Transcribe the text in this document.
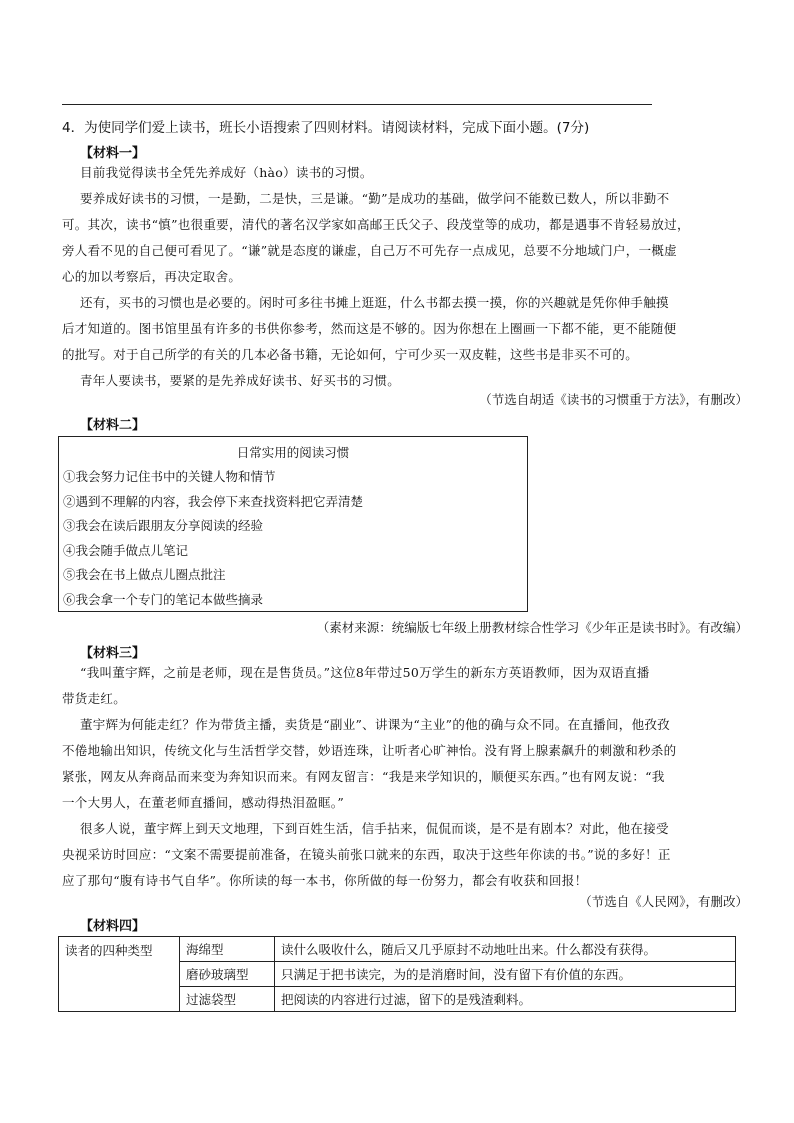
4．为使同学们爱上读书，班长小语搜索了四则材料。请阅读材料，完成下面小题。(7分)
【材料一】
目前我觉得读书全凭先养成好（hào）读书的习惯。
要养成好读书的习惯，一是勤，二是快，三是谦。“勤”是成功的基础，做学问不能数已数人，所以非勤不
可。其次，读书“慎”也很重要，清代的著名汉学家如高邮王氏父子、段茂堂等的成功，都是遇事不肯轻易放过，
旁人看不见的自己便可看见了。“谦”就是态度的谦虚，自己万不可先存一点成见，总要不分地域门户，一概虚
心的加以考察后，再决定取舍。
还有，买书的习惯也是必要的。闲时可多往书摊上逛逛，什么书都去摸一摸，你的兴趣就是凭你伸手触摸
后才知道的。图书馆里虽有许多的书供你参考，然而这是不够的。因为你想在上圈画一下都不能，更不能随便
的批写。对于自己所学的有关的几本必备书籍，无论如何，宁可少买一双皮鞋，这些书是非买不可的。
青年人要读书，要紧的是先养成好读书、好买书的习惯。
（节选自胡适《读书的习惯重于方法》，有删改）
【材料二】
日常实用的阅读习惯
①我会努力记住书中的关键人物和情节
②遇到不理解的内容，我会停下来查找资料把它弄清楚
③我会在读后跟朋友分享阅读的经验
④我会随手做点儿笔记
⑤我会在书上做点儿圈点批注
⑥我会拿一个专门的笔记本做些摘录
（素材来源：统编版七年级上册教材综合性学习《少年正是读书时》。有改编）
【材料三】
“我叫董宇辉，之前是老师，现在是售货员。”这位8年带过50万学生的新东方英语教师，因为双语直播
带货走红。
董宇辉为何能走红？作为带货主播，卖货是“副业”、讲课为“主业”的他的确与众不同。在直播间，他孜孜
不倦地输出知识，传统文化与生活哲学交替，妙语连珠，让听者心旷神怡。没有肾上腺素飙升的刺激和秒杀的
紧张，网友从奔商品而来变为奔知识而来。有网友留言：“我是来学知识的，顺便买东西。”也有网友说：“我
一个大男人，在董老师直播间，感动得热泪盈眶。”
很多人说，董宇辉上到天文地理，下到百姓生活，信手拈来，侃侃而谈，是不是有剧本？对此，他在接受
央视采访时回应：“文案不需要提前准备，在镜头前张口就来的东西，取决于这些年你读的书。”说的多好！正
应了那句“腹有诗书气自华”。你所读的每一本书，你所做的每一份努力，都会有收获和回报！
（节选自《人民网》，有删改）
【材料四】
读者的四种类型	海绵型	读什么吸收什么，随后又几乎原封不动地吐出来。什么都没有获得。
	磨砂玻璃型	只满足于把书读完，为的是消磨时间，没有留下有价值的东西。
	过滤袋型	把阅读的内容进行过滤，留下的是残渣剩料。
